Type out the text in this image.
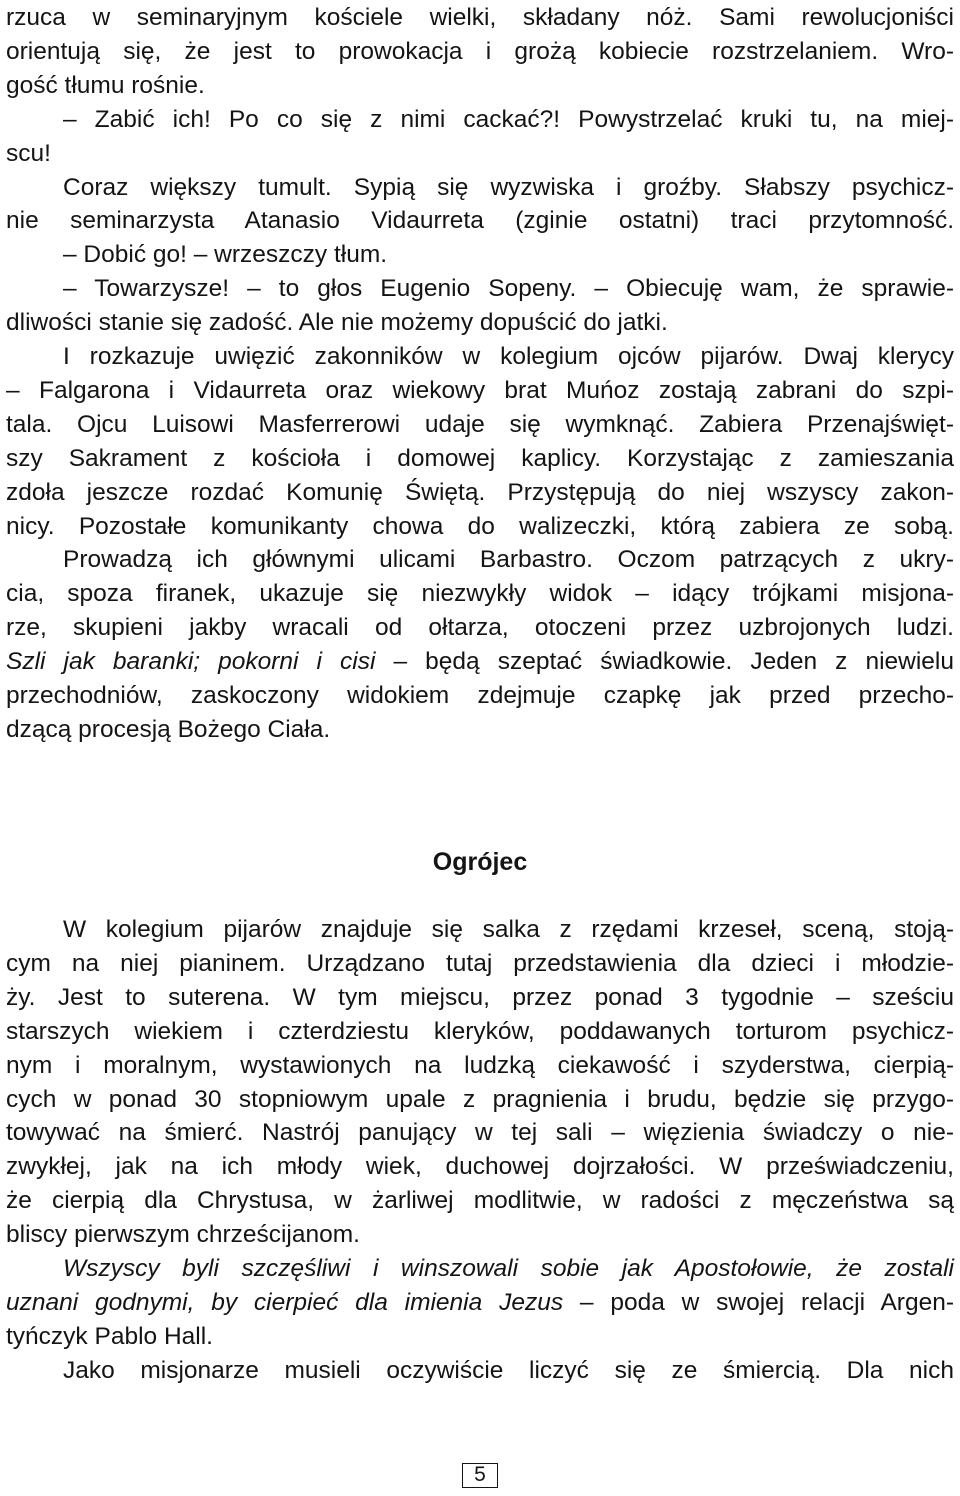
rzuca w seminaryjnym kościele wielki, składany nóż. Sami rewolucjoniści
orientują się, że jest to prowokacja i grożą kobiecie rozstrzelaniem. Wro-
gość tłumu rośnie.
– Zabić ich! Po co się z nimi cackać?! Powystrzelać kruki tu, na miej-
scu!
Coraz większy tumult. Sypią się wyzwiska i groźby. Słabszy psychicz-
nie seminarzysta Atanasio Vidaurreta (zginie ostatni) traci przytomność.
– Dobić go! – wrzeszczy tłum.
– Towarzysze! – to głos Eugenio Sopeny. – Obiecuję wam, że sprawie-
dliwości stanie się zadość. Ale nie możemy dopuścić do jatki.
I rozkazuje uwięzić zakonników w kolegium ojców pijarów. Dwaj klerycy
– Falgarona i Vidaurreta oraz wiekowy brat Muńoz zostają zabrani do szpi-
tala. Ojcu Luisowi Masferrerowi udaje się wymknąć. Zabiera Przenajświęt-
szy Sakrament z kościoła i domowej kaplicy. Korzystając z zamieszania
zdoła jeszcze rozdać Komunię Świętą. Przystępują do niej wszyscy zakon-
nicy. Pozostałe komunikanty chowa do walizeczki, którą zabiera ze sobą.
Prowadzą ich głównymi ulicami Barbastro. Oczom patrzących z ukry-
cia, spoza firanek, ukazuje się niezwykły widok – idący trójkami misjona-
rze, skupieni jakby wracali od ołtarza, otoczeni przez uzbrojonych ludzi.
Szli jak baranki; pokorni i cisi – będą szeptać świadkowie. Jeden z niewielu
przechodniów, zaskoczony widokiem zdejmuje czapkę jak przed przecho-
dzącą procesją Bożego Ciała.
W kolegium pijarów znajduje się salka z rzędami krzeseł, sceną, stoją-
cym na niej pianinem. Urządzano tutaj przedstawienia dla dzieci i młodzie-
ży. Jest to suterena. W tym miejscu, przez ponad 3 tygodnie – sześciu
starszych wiekiem i czterdziestu kleryków, poddawanych torturom psychicz-
nym i moralnym, wystawionych na ludzką ciekawość i szyderstwa, cierpią-
cych w ponad 30 stopniowym upale z pragnienia i brudu, będzie się przygo-
towywać na śmierć. Nastrój panujący w tej sali – więzienia świadczy o nie-
zwykłej, jak na ich młody wiek, duchowej dojrzałości. W przeświadczeniu,
że cierpią dla Chrystusa, w żarliwej modlitwie, w radości z męczeństwa są
bliscy pierwszym chrześcijanom.
Wszyscy byli szczęśliwi i winszowali sobie jak Apostołowie, że zostali
uznani godnymi, by cierpieć dla imienia Jezus – poda w swojej relacji Argen-
tyńczyk Pablo Hall.
Jako misjonarze musieli oczywiście liczyć się ze śmiercią. Dla nich
Ogrójec
5
